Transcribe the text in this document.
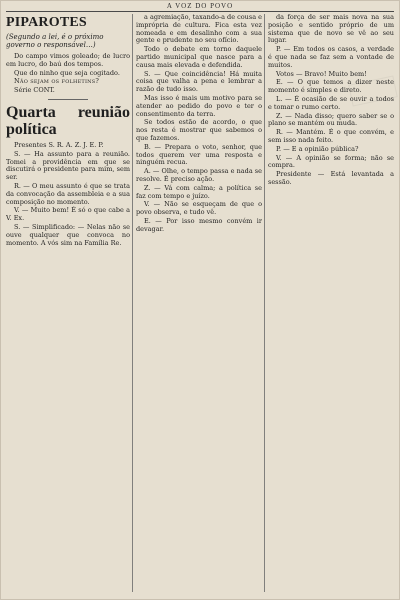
A VOZ DO POVO
PIPAROTES
(Segundo a lei, é o próximo governo o responsável…)
Do campo vimos goleado; de lucro em lucro, do baú dos tempos.
Que do ninho que seja cogitado.
Não sejam os folhetins?
Série CONT.
Quarta reunião política
Presentes S. R. A. Z. J. E. P.
S. — Ha assunto para a reunião. Tomei a providência em que se discutirá o presidente para mim, sem ser.
R. — O meu assunto é que se trata da convocação da assembleia e a sua composição no momento.
V. — Muito bem! É só o que cabe a V. Ex.
S. — Simplificado: — Nelas não se ouve qualquer que convoca no momento. A vós sim na Família Re.
a agremiação, taxando-a de cousa e imprópria de cultura. Fica esta vez nomeada e em desalinho com a sua gente e prudente no seu ofício.
Todo o debate em torno daquele partido municipal que nasce para a causa mais elevada e defendida.
S. — Que coincidência! Há muita coisa que valha a pena e lembrar a razão de tudo isso.
Mas isso é mais um motivo para se atender ao pedido do povo e ter o consentimento da terra.
Se todos estão de acordo, o que nos resta é mostrar que sabemos o que fazemos.
B. — Prepara o voto, senhor, que todos querem ver uma resposta e ninguém recua.
A. — Olhe, o tempo passa e nada se resolve. É preciso ação.
Z. — Vá com calma; a política se faz com tempo e juízo.
V. — Não se esqueçam de que o povo observa, e tudo vê.
E. — Por isso mesmo convém ir devagar.
da força de ser mais nova na sua posição e sentido próprio de um sistema que de novo se vê ao seu lugar.
P. — Em todos os casos, a verdade é que nada se faz sem a vontade de muitos.
Votos — Bravo! Muito bem!
E. — O que temos a dizer neste momento é simples e direto.
L. — É ocasião de se ouvir a todos e tomar o rumo certo.
Z. — Nada disso; quero saber se o plano se mantém ou muda.
R. — Mantém. É o que convém, e sem isso nada feito.
P. — E a opinião pública?
V. — A opinião se forma; não se compra.
Presidente — Está levantada a sessão.
